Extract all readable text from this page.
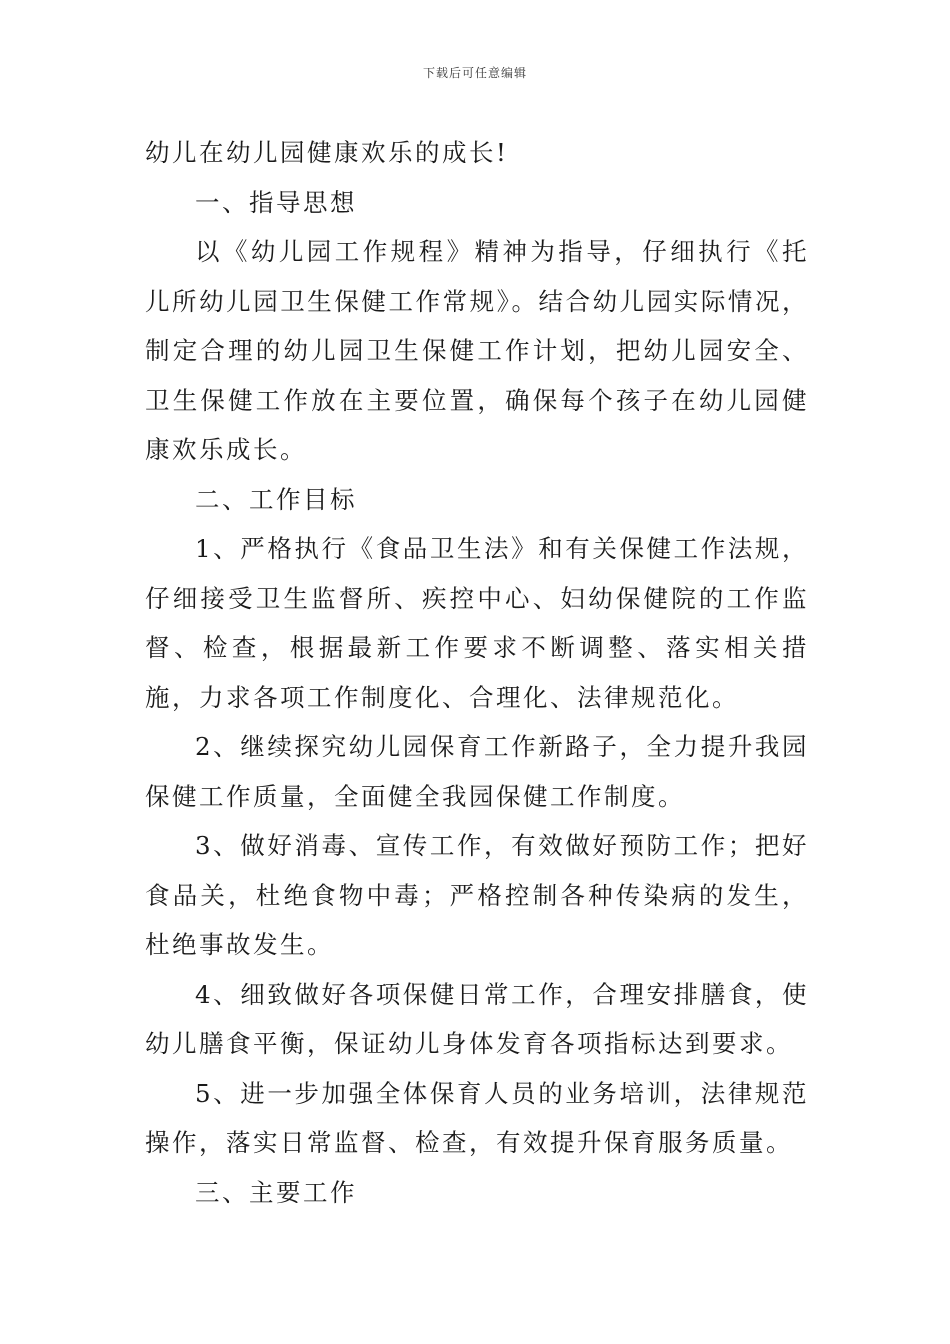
下载后可任意编辑

幼儿在幼儿园健康欢乐的成长!

一、指导思想

以《幼儿园工作规程》精神为指导，仔细执行《托儿所幼儿园卫生保健工作常规》。结合幼儿园实际情况，制定合理的幼儿园卫生保健工作计划，把幼儿园安全、卫生保健工作放在主要位置，确保每个孩子在幼儿园健康欢乐成长。

二、工作目标

1、严格执行《食品卫生法》和有关保健工作法规，仔细接受卫生监督所、疾控中心、妇幼保健院的工作监督、检查，根据最新工作要求不断调整、落实相关措施，力求各项工作制度化、合理化、法律规范化。

2、继续探究幼儿园保育工作新路子，全力提升我园保健工作质量，全面健全我园保健工作制度。

3、做好消毒、宣传工作，有效做好预防工作；把好食品关，杜绝食物中毒；严格控制各种传染病的发生，杜绝事故发生。

4、细致做好各项保健日常工作，合理安排膳食，使幼儿膳食平衡，保证幼儿身体发育各项指标达到要求。

5、进一步加强全体保育人员的业务培训，法律规范操作，落实日常监督、检查，有效提升保育服务质量。

三、主要工作
